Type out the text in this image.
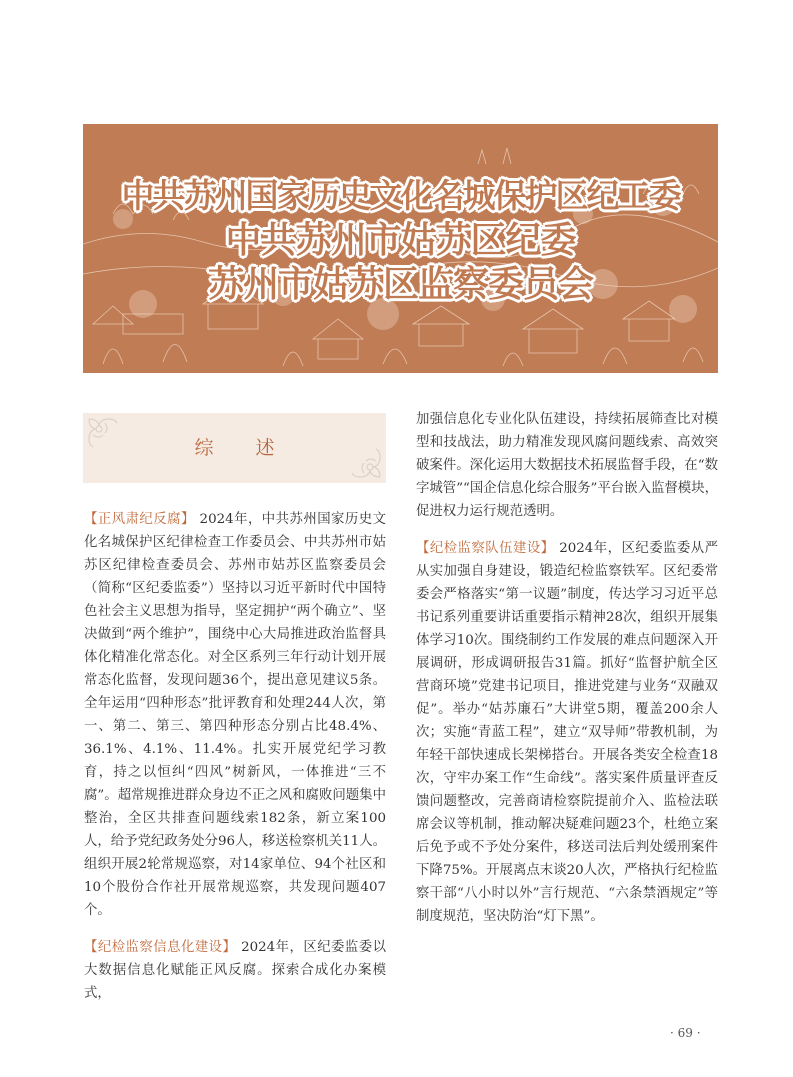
中共苏州国家历史文化名城保护区纪工委
中共苏州市姑苏区纪委
苏州市姑苏区监察委员会
综 述

【正风肃纪反腐】 2024年，中共苏州国家历史文化名城保护区纪律检查工作委员会、中共苏州市姑苏区纪律检查委员会、苏州市姑苏区监察委员会（简称“区纪委监委”）坚持以习近平新时代中国特色社会主义思想为指导，坚定拥护“两个确立”、坚决做到“两个维护”，围绕中心大局推进政治监督具体化精准化常态化。对全区系列三年行动计划开展常态化监督，发现问题36个，提出意见建议5条。全年运用“四种形态”批评教育和处理244人次，第一、第二、第三、第四种形态分别占比48.4%、36.1%、4.1%、11.4%。扎实开展党纪学习教育，持之以恒纠“四风”树新风，一体推进“三不腐”。超常规推进群众身边不正之风和腐败问题集中整治，全区共排查问题线索182条，新立案100人，给予党纪政务处分96人，移送检察机关11人。组织开展2轮常规巡察，对14家单位、94个社区和10个股份合作社开展常规巡察，共发现问题407个。

【纪检监察信息化建设】 2024年，区纪委监委以大数据信息化赋能正风反腐。探索合成化办案模式，

加强信息化专业化队伍建设，持续拓展筛查比对模型和技战法，助力精准发现风腐问题线索、高效突破案件。深化运用大数据技术拓展监督手段，在“数字城管”“国企信息化综合服务”平台嵌入监督模块，促进权力运行规范透明。

【纪检监察队伍建设】 2024年，区纪委监委从严从实加强自身建设，锻造纪检监察铁军。区纪委常委会严格落实“第一议题”制度，传达学习习近平总书记系列重要讲话重要指示精神28次，组织开展集体学习10次。围绕制约工作发展的难点问题深入开展调研，形成调研报告31篇。抓好“监督护航全区营商环境”党建书记项目，推进党建与业务“双融双促”。举办“姑苏廉石”大讲堂5期，覆盖200余人次；实施“青蓝工程”，建立“双导师”带教机制，为年轻干部快速成长架梯搭台。开展各类安全检查18次，守牢办案工作“生命线”。落实案件质量评查反馈问题整改，完善商请检察院提前介入、监检法联席会议等机制，推动解决疑难问题23个，杜绝立案后免予或不予处分案件，移送司法后判处缓刑案件下降75%。开展离点末谈20人次，严格执行纪检监察干部“八小时以外”言行规范、“六条禁酒规定”等制度规范，坚决防治“灯下黑”。

· 69 ·
